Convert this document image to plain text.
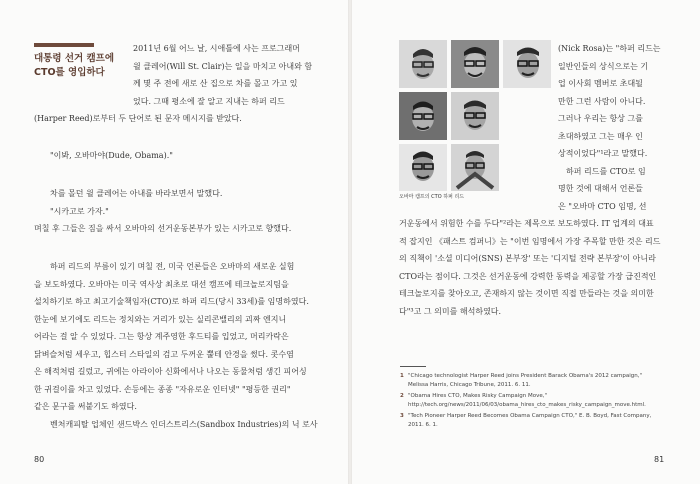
대통령 선거 캠프에
CTO를 영입하다

2011년 6월 어느 날, 시애틀에 사는 프로그래머

윌 클레어(Will St. Clair)는 일을 마치고 아내와 함

께 몇 주 전에 새로 산 집으로 차를 몰고 가고 있

었다. 그때 평소에 잘 알고 지내는 하퍼 리드

(Harper Reed)로부터 두 단어로 된 문자 메시지를 받았다.

"이봐, 오바마야(Dude, Obama)."

차를 몰던 윌 클레어는 아내를 바라보면서 말했다.

"시카고로 가자."

며칠 후 그들은 짐을 싸서 오바마의 선거운동본부가 있는 시카고로 향했다.

하퍼 리드의 부름이 있기 며칠 전, 미국 언론들은 오바마의 새로운 실험

을 보도하였다. 오바마는 미국 역사상 최초로 대선 캠프에 테크놀로지팀을

설치하기로 하고 최고기술책임자(CTO)로 하퍼 리드(당시 33세)를 임명하였다.

한눈에 보기에도 리드는 정치와는 거리가 있는 실리콘밸리의 괴짜 엔지니

어라는 걸 알 수 있었다. 그는 항상 계주영한 후드티를 입었고, 머리카락은

닭벼슬처럼 세우고, 힙스터 스타일의 검고 두꺼운 뿔테 안경을 썼다. 콧수염

은 해적처럼 길렀고, 귀에는 아라이아 신화에서나 나오는 동물처럼 생긴 피어싱

한 귀걸이를 차고 있었다. 손등에는 종종 "자유로운 인터넷" "평등한 권리"

같은 문구를 써붙기도 하였다.

벤처캐피탈 업체인 샌드박스 인더스트리스(Sandbox Industries)의 닉 로사

80
오바마 캠프의 CTO 하퍼 리드

(Nick Rosa)는 "하퍼 리드는

일반인들의 상식으로는 기

업 이사회 멤버로 초대될

만한 그런 사람이 아니다.

그러나 우리는 항상 그를

초대하였고 그는 매우 인

상적이었다"¹라고 말했다.

하퍼 리드를 CTO로 임

명한 것에 대해서 언론들

은 "오바마 CTO 임명, 선

거운동에서 위험한 수를 두다"²라는 제목으로 보도하였다. IT 업계의 대표

적 잡지인 《패스트 컴퍼니》는 "이번 임명에서 가장 주목할 만한 것은 리드

의 직책이 '소셜 미디어(SNS) 본부장' 또는 '디지털 전략 본부장'이 아니라

CTO라는 점이다. 그것은 선거운동에 강력한 동력을 제공할 가장 급진적인

테크놀로지를 찾아오고, 존재하지 않는 것이면 직접 만들라는 것을 의미한

다"³고 그 의미를 해석하였다.

1 "Chicago technologist Harper Reed joins President Barack Obama's 2012 campaign," Melissa Harris, Chicago Tribune, 2011. 6. 11.
2 "Obama Hires CTO, Makes Risky Campaign Move," http://tech.org/news/2011/06/03/obama_hires_cto_makes_risky_campaign_move.html.
3 "Tech Pioneer Harper Reed Becomes Obama Campaign CTO," E. B. Boyd, Fast Company, 2011. 6. 1.
81
